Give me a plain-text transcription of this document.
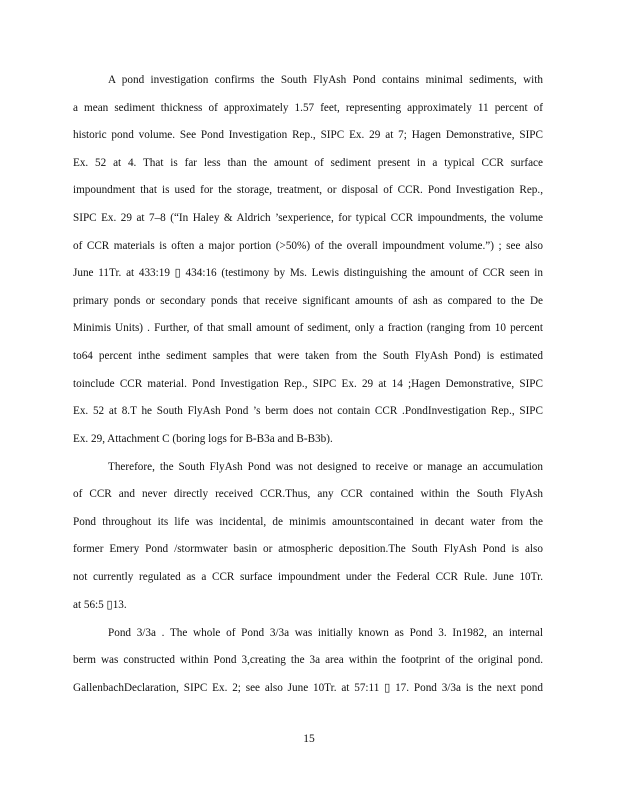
A pond investigation confirms the South FlyAsh Pond contains minimal sediments, with
a mean sediment thickness of approximately 1.57 feet, representing approximately 11 percent of
historic pond volume. See Pond Investigation Rep., SIPC Ex. 29 at 7; Hagen Demonstrative, SIPC
Ex. 52 at 4. That is far less than the amount of sediment present in a typical CCR surface
impoundment that is used for the storage, treatment, or disposal of CCR. Pond Investigation Rep.,
SIPC Ex. 29 at 7–8 (“In Haley & Aldrich ’sexperience, for typical CCR impoundments, the volume
of CCR materials is often a major portion (>50%) of the overall impoundment volume.”) ; see also
June 11Tr. at 433:19 ▯ 434:16 (testimony by Ms. Lewis distinguishing the amount of CCR seen in
primary ponds or secondary ponds that receive significant amounts of ash as compared to the De
Minimis Units) . Further, of that small amount of sediment, only a fraction (ranging from 10 percent
to64 percent inthe sediment samples that were taken from the South FlyAsh Pond) is estimated
toinclude CCR material. Pond Investigation Rep., SIPC Ex. 29 at 14 ;Hagen Demonstrative, SIPC
Ex. 52 at 8.T he South FlyAsh Pond ’s berm does not contain CCR .PondInvestigation Rep., SIPC
Ex. 29, Attachment C (boring logs for B-B3a and B-B3b).
Therefore, the South FlyAsh Pond was not designed to receive or manage an accumulation
of CCR and never directly received CCR.Thus, any CCR contained within the South FlyAsh
Pond throughout its life was incidental, de minimis amountscontained in decant water from the
former Emery Pond /stormwater basin or atmospheric deposition.The South FlyAsh Pond is also
not currently regulated as a CCR surface impoundment under the Federal CCR Rule. June 10Tr.
at 56:5 ▯13.
Pond 3/3a . The whole of Pond 3/3a was initially known as Pond 3. In1982, an internal
berm was constructed within Pond 3,creating the 3a area within the footprint of the original pond.
GallenbachDeclaration, SIPC Ex. 2; see also June 10Tr. at 57:11 ▯ 17. Pond 3/3a is the next pond
15
